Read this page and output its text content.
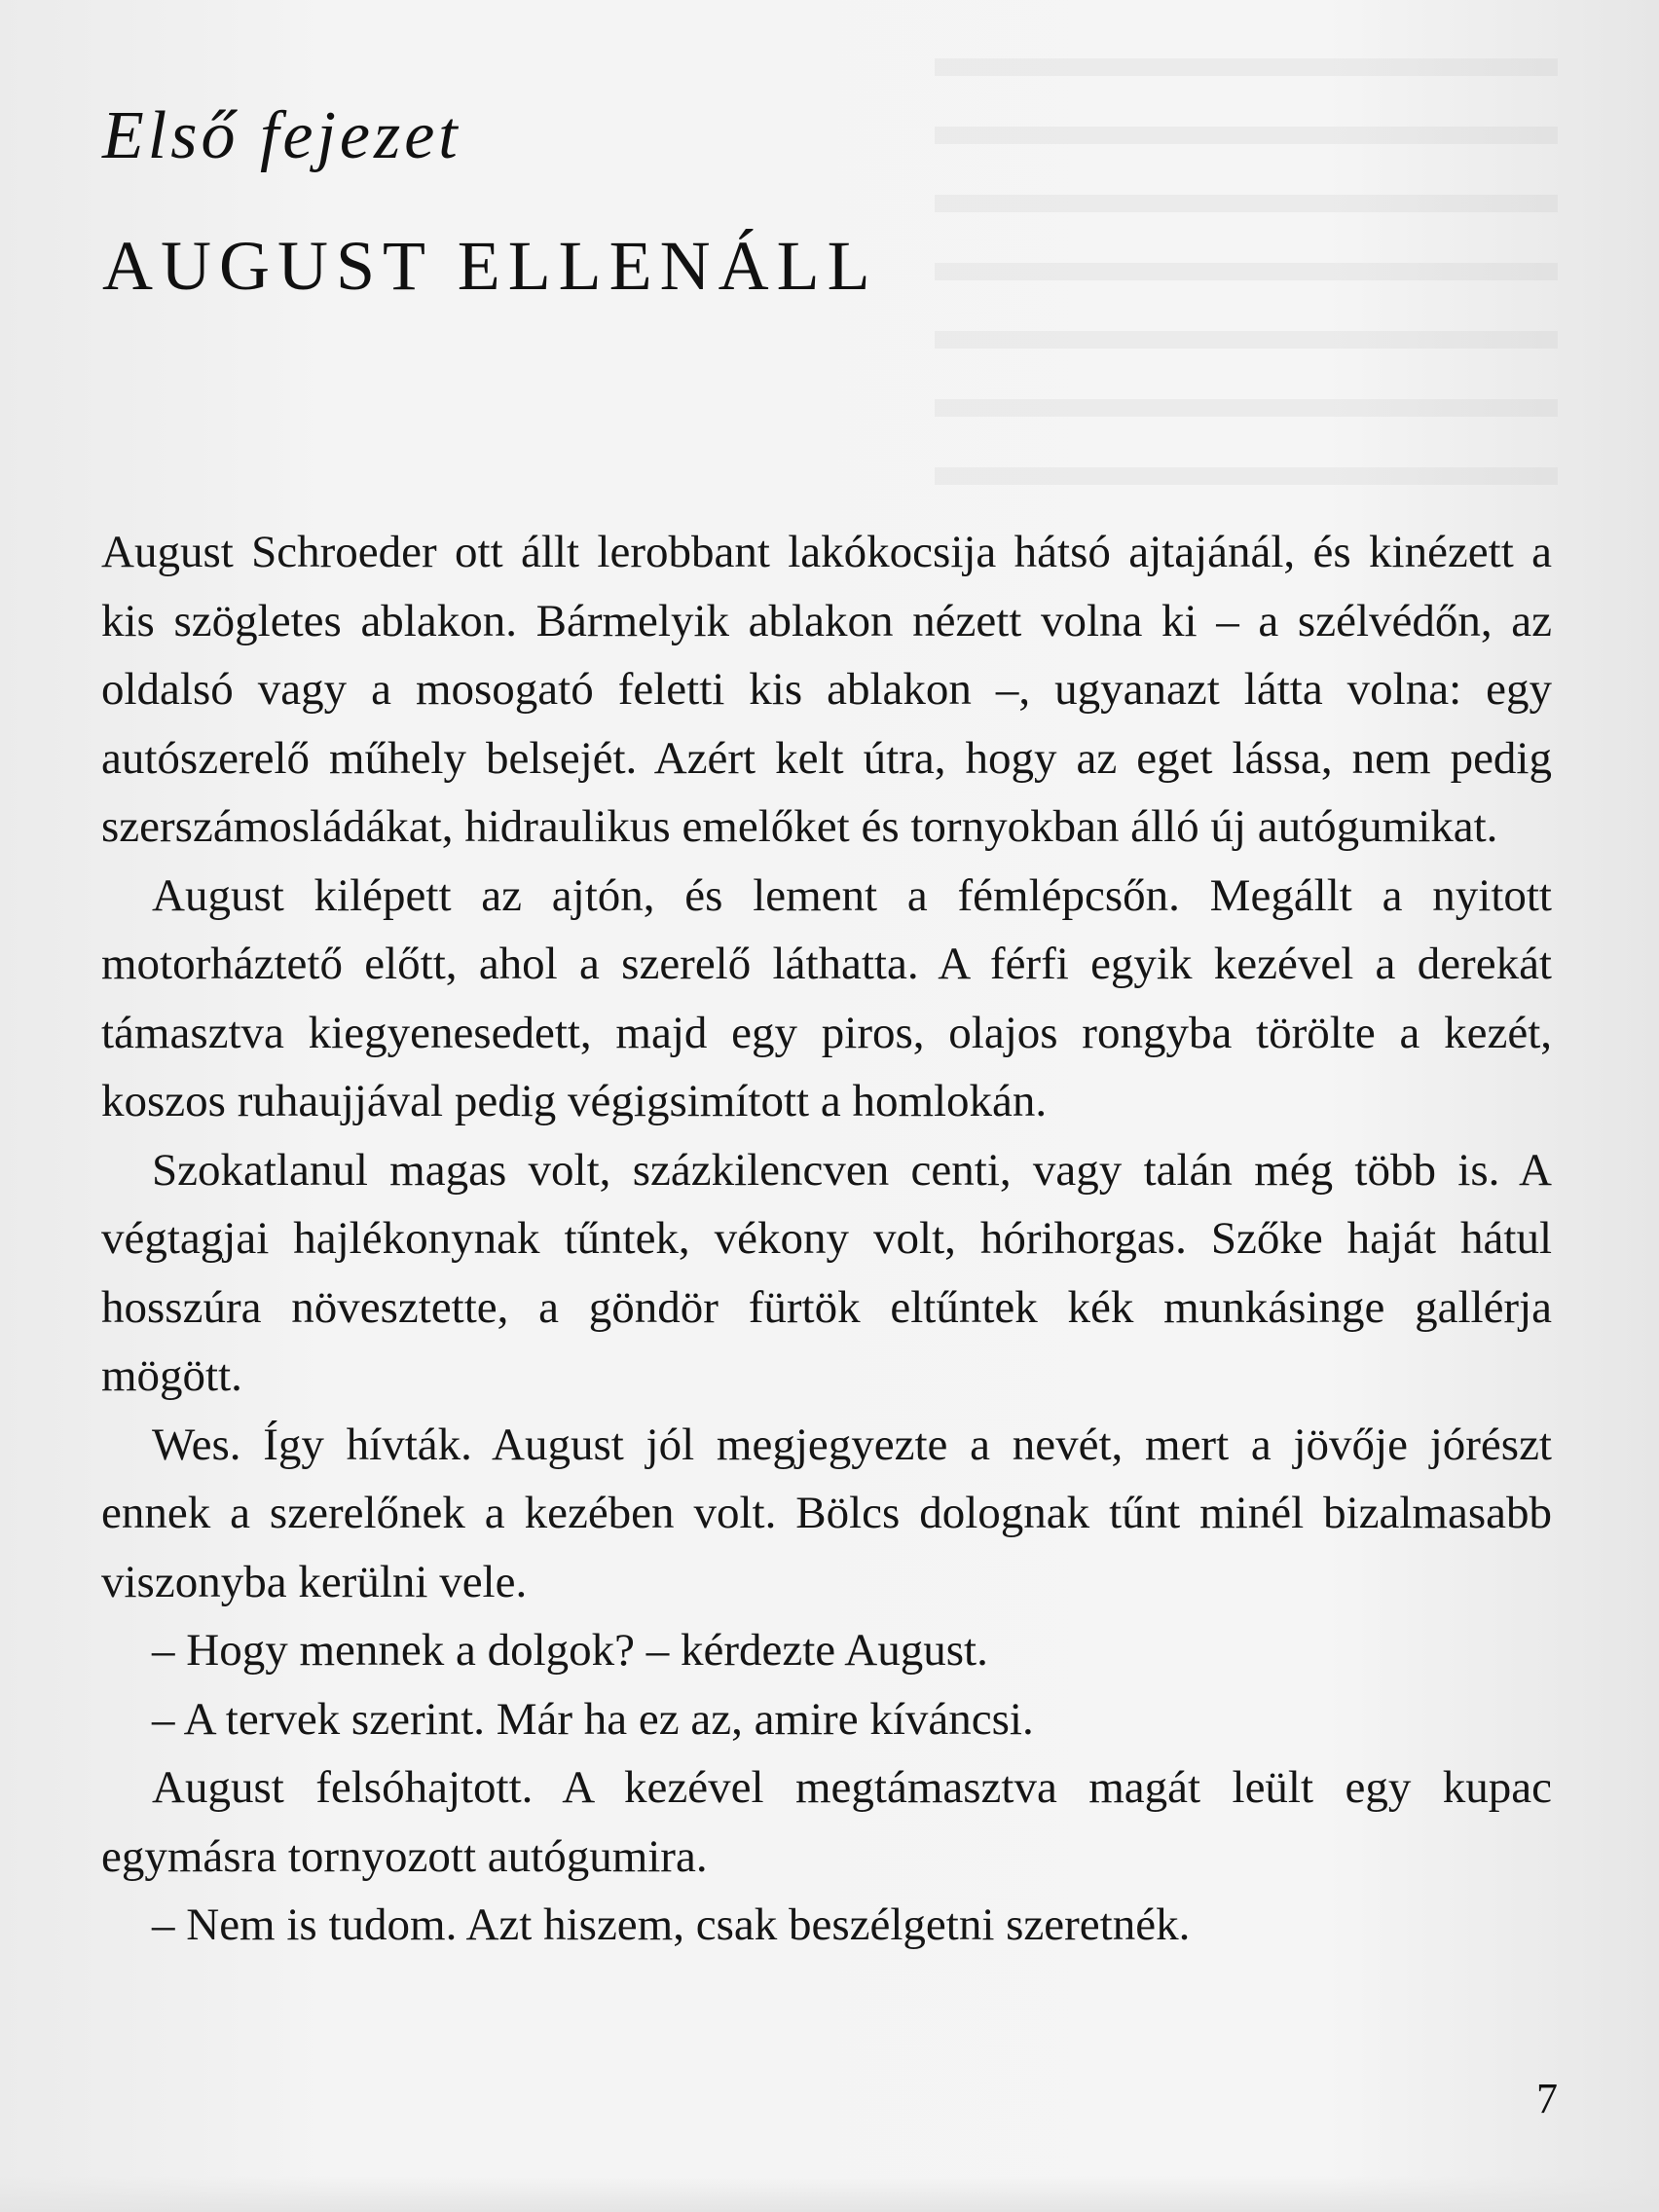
Első fejezet
AUGUST ELLENÁLL

August Schroeder ott állt lerobbant lakókocsija hátsó ajtajánál, és kinézett a kis szögletes ablakon. Bármelyik ablakon nézett volna ki – a szélvédőn, az oldalsó vagy a mosogató feletti kis ablakon –, ugyanazt látta volna: egy autószerelő műhely belsejét. Azért kelt útra, hogy az eget lássa, nem pedig szerszámosládákat, hidraulikus emelőket és tornyokban álló új autógumikat.

August kilépett az ajtón, és lement a fémlépcsőn. Megállt a nyitott motorháztető előtt, ahol a szerelő láthatta. A férfi egyik kezével a derekát támasztva kiegyenesedett, majd egy piros, olajos rongyba törölte a kezét, koszos ruhaujjával pedig végigsimított a homlokán.

Szokatlanul magas volt, százkilencven centi, vagy talán még több is. A végtagjai hajlékonynak tűntek, vékony volt, hórihorgas. Szőke haját hátul hosszúra növesztette, a göndör fürtök eltűntek kék munkásinge gallérja mögött.

Wes. Így hívták. August jól megjegyezte a nevét, mert a jövője jórészt ennek a szerelőnek a kezében volt. Bölcs dolognak tűnt minél bizalmasabb viszonyba kerülni vele.

– Hogy mennek a dolgok? – kérdezte August.

– A tervek szerint. Már ha ez az, amire kíváncsi.

August felsóhajtott. A kezével megtámasztva magát leült egy kupac egymásra tornyozott autógumira.

– Nem is tudom. Azt hiszem, csak beszélgetni szeretnék.

7
